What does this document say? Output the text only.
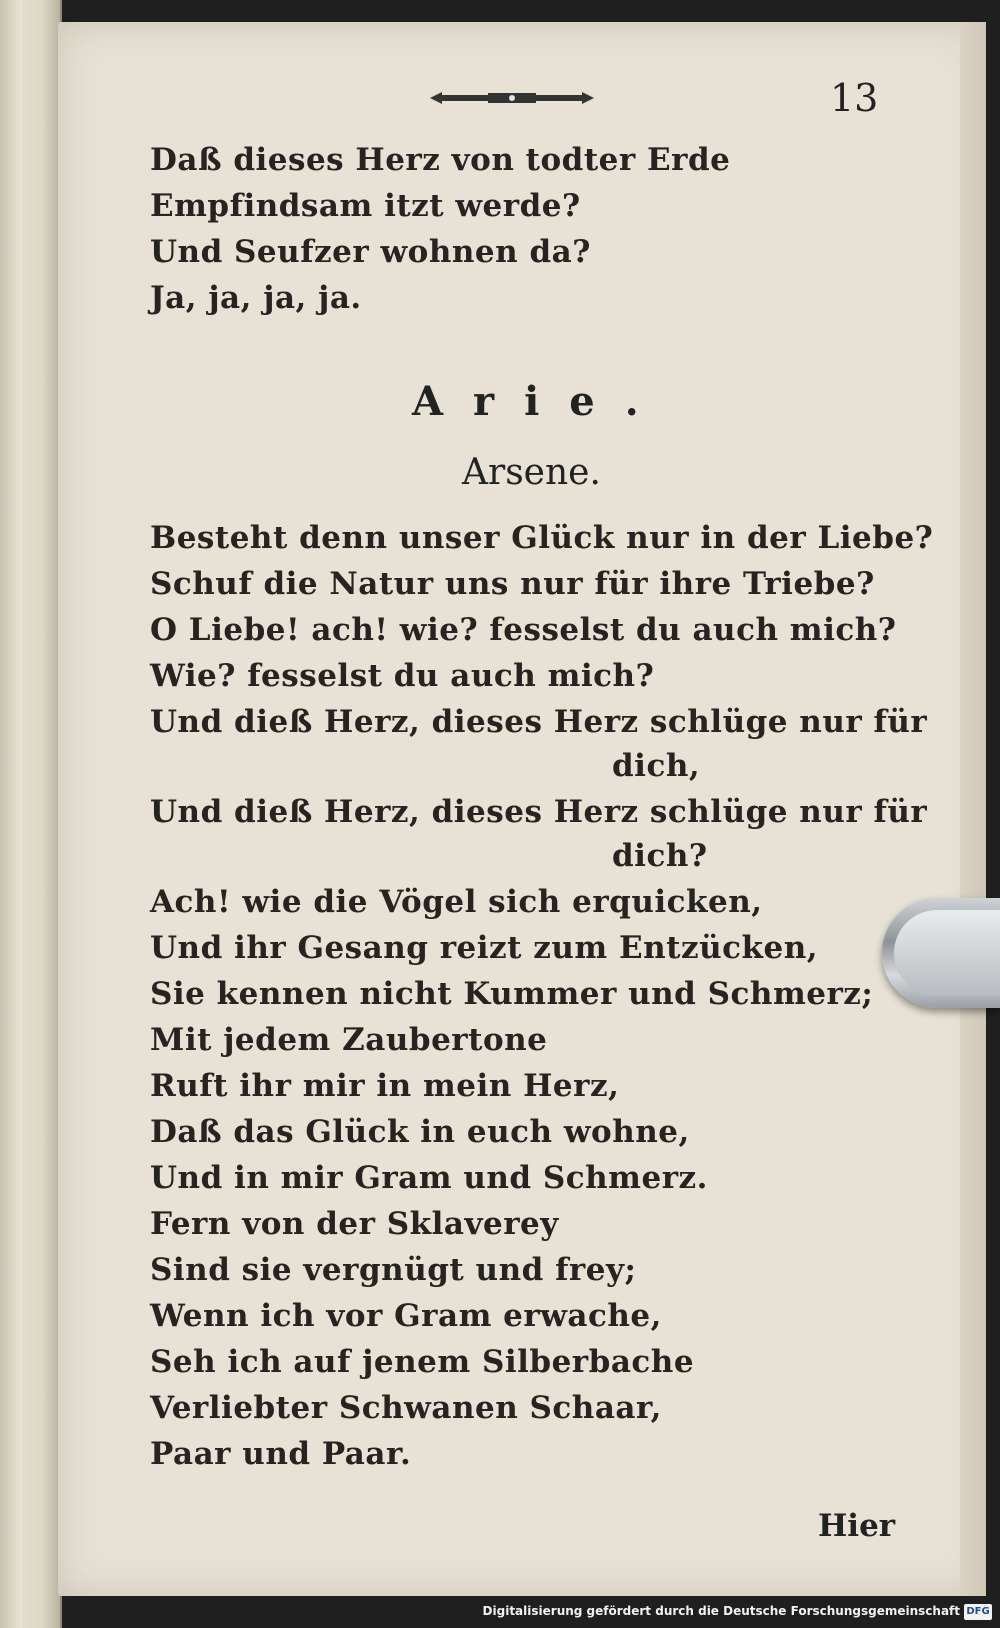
13
Daß dieses Herz von todter Erde
Empfindsam itzt werde?
Und Seufzer wohnen da?
Ja, ja, ja, ja.
Arie.
Arsene.
Besteht denn unser Glück nur in der Liebe?
Schuf die Natur uns nur für ihre Triebe?
O Liebe! ach! wie? fesselst du auch mich?
Wie? fesselst du auch mich?
Und dieß Herz, dieses Herz schlüge nur für
dich,
Und dieß Herz, dieses Herz schlüge nur für
dich?
Ach! wie die Vögel sich erquicken,
Und ihr Gesang reizt zum Entzücken,
Sie kennen nicht Kummer und Schmerz;
Mit jedem Zaubertone
Ruft ihr mir in mein Herz,
Daß das Glück in euch wohne,
Und in mir Gram und Schmerz.
Fern von der Sklaverey
Sind sie vergnügt und frey;
Wenn ich vor Gram erwache,
Seh ich auf jenem Silberbache
Verliebter Schwanen Schaar,
Paar und Paar.
Hier
Digitalisierung gefördert durch die Deutsche Forschungsgemeinschaft DFG
